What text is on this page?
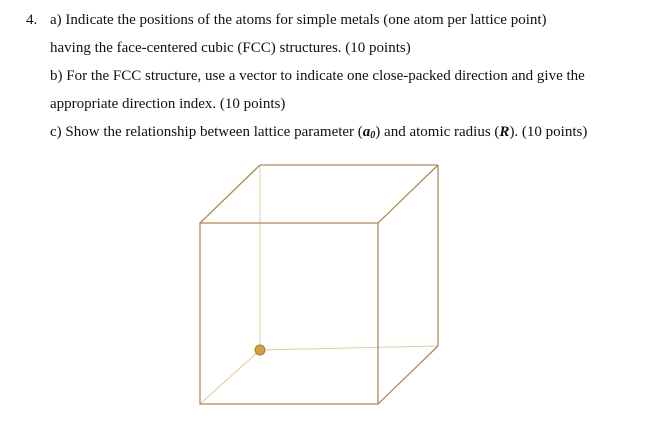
4. a) Indicate the positions of the atoms for simple metals (one atom per lattice point)
having the face-centered cubic (FCC) structures. (10 points)
b) For the FCC structure, use a vector to indicate one close-packed direction and give the
appropriate direction index. (10 points)
c) Show the relationship between lattice parameter $(a_0)$ and atomic radius (R). (10 points)
